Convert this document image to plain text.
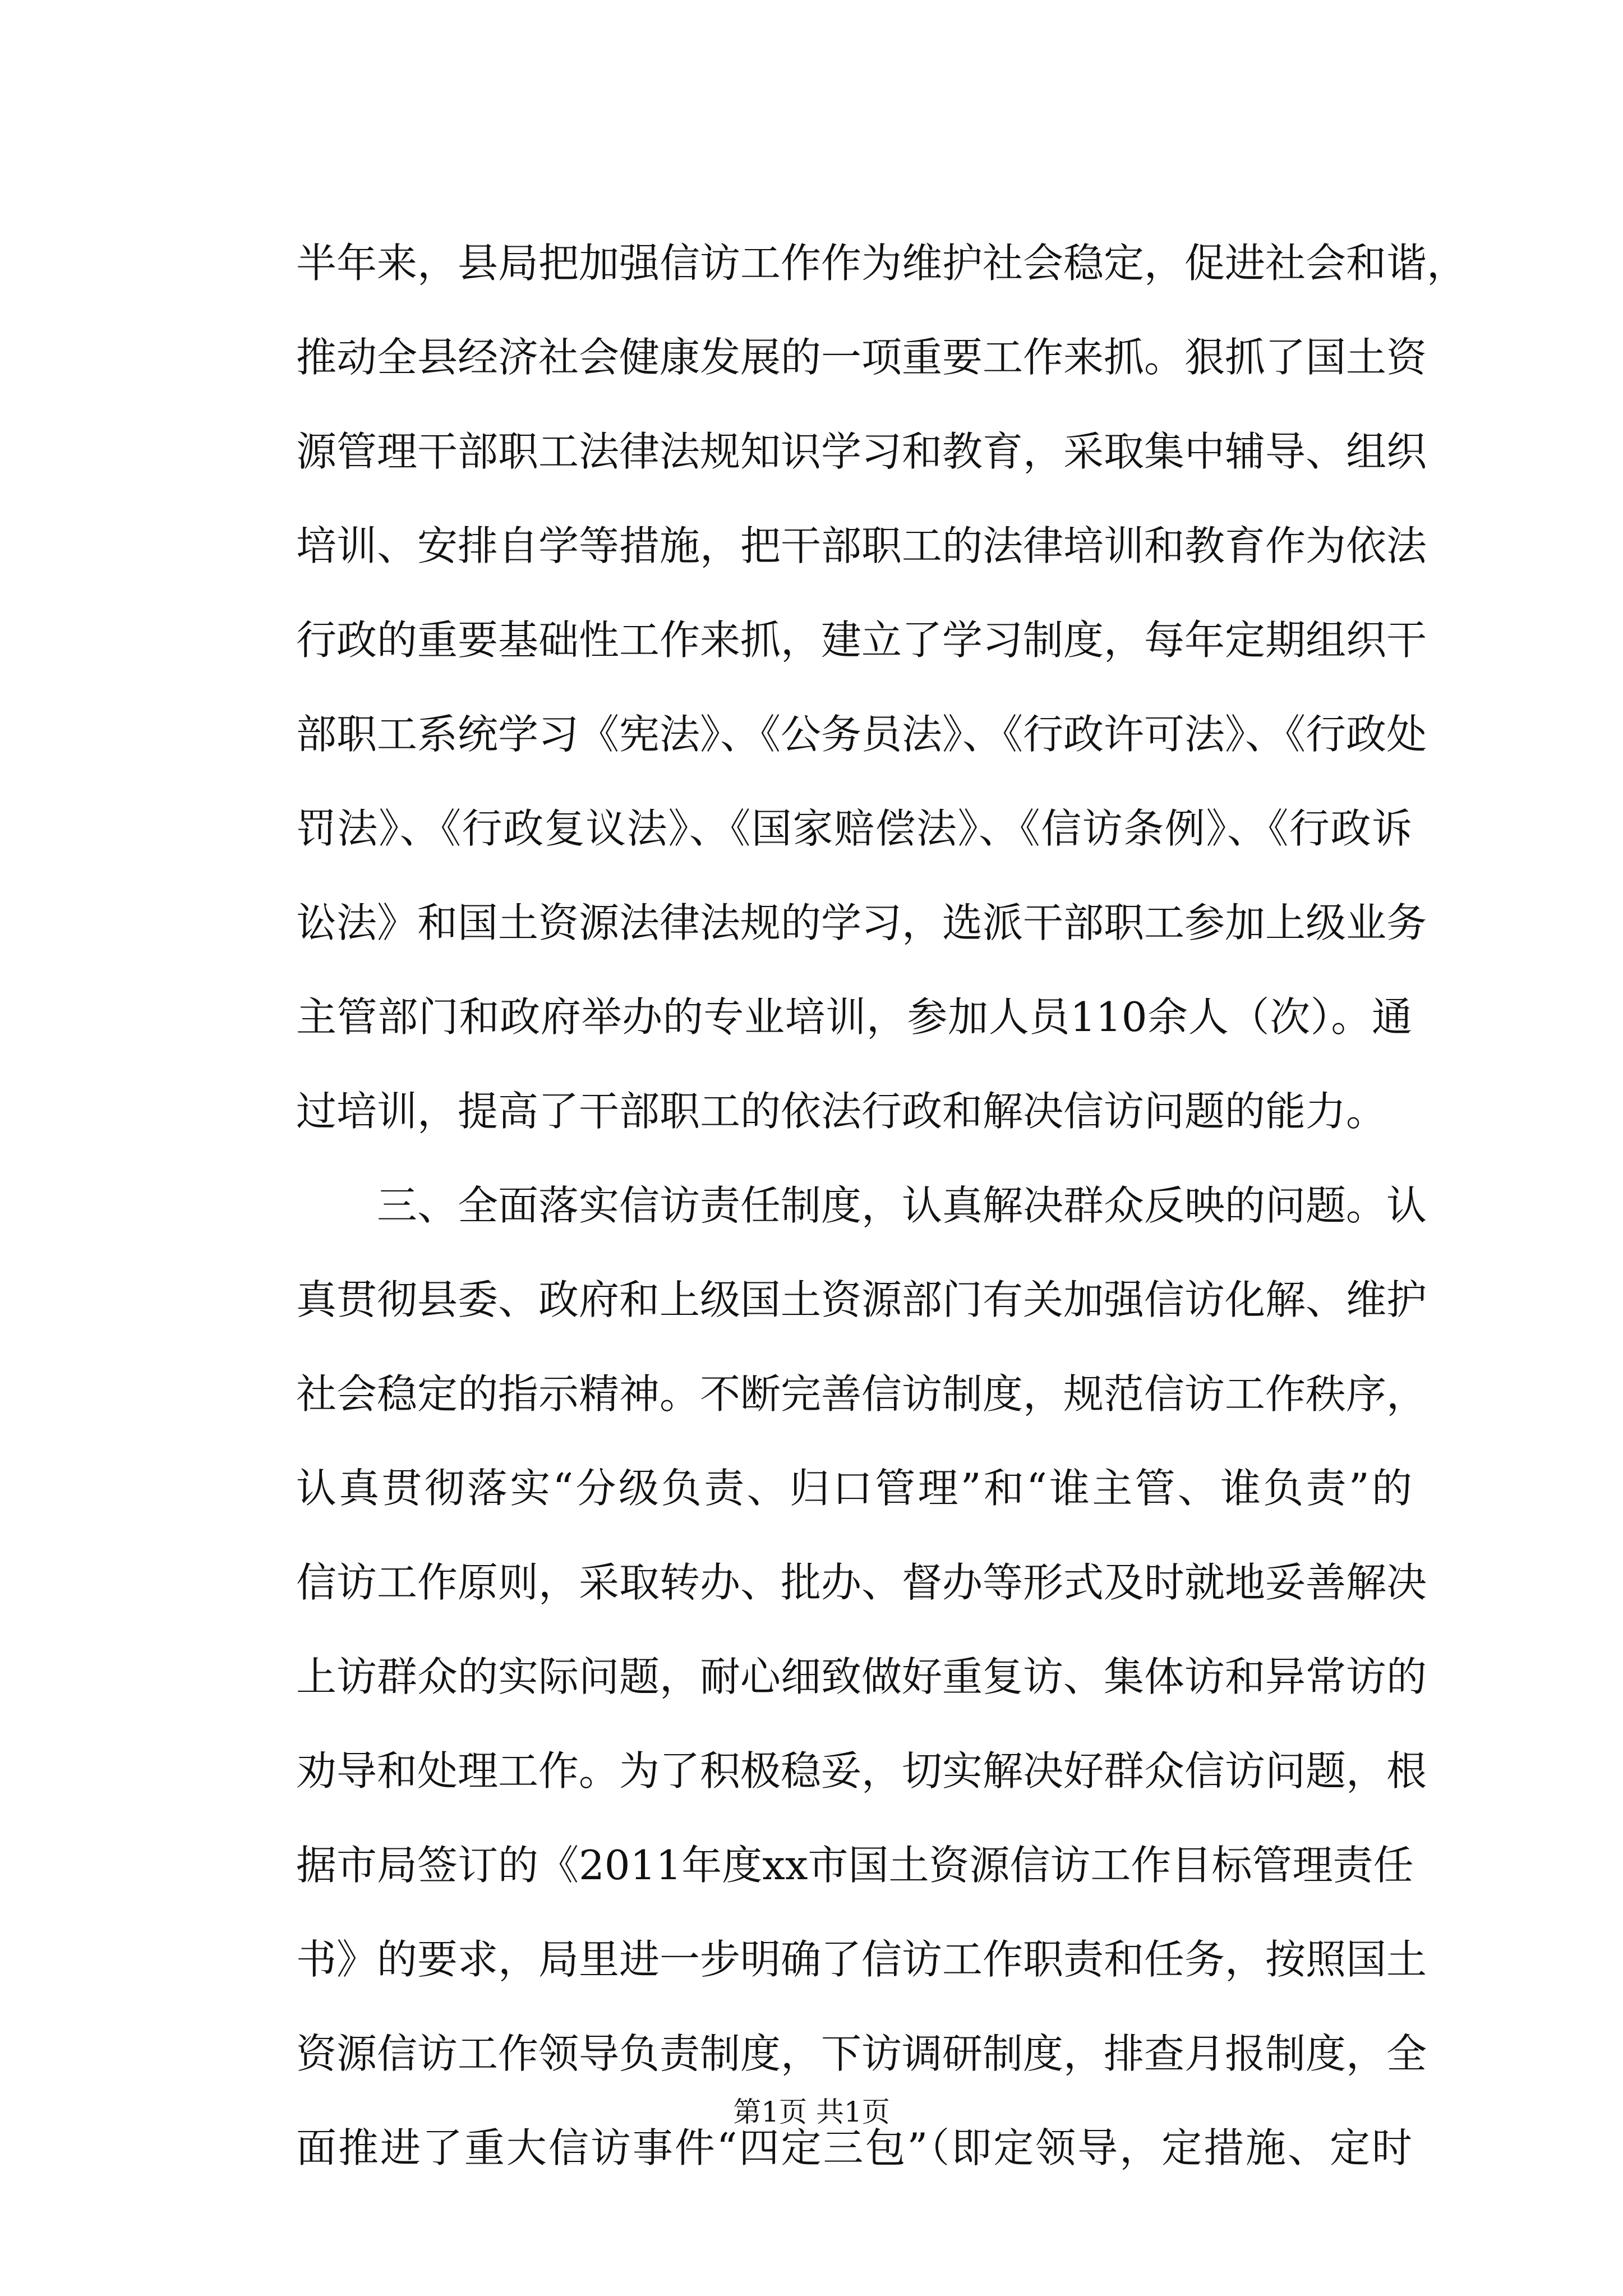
半年来，县局把加强信访工作作为维护社会稳定，促进社会和谐，
推动全县经济社会健康发展的一项重要工作来抓。狠抓了国土资
源管理干部职工法律法规知识学习和教育，采取集中辅导、组织
培训、安排自学等措施，把干部职工的法律培训和教育作为依法
行政的重要基础性工作来抓，建立了学习制度，每年定期组织干
部职工系统学习《宪法》、《公务员法》、《行政许可法》、《行政处
罚法》、《行政复议法》、《国家赔偿法》、《信访条例》、《行政诉
讼法》和国土资源法律法规的学习，选派干部职工参加上级业务
主管部门和政府举办的专业培训，参加人员110余人（次）。通
过培训，提高了干部职工的依法行政和解决信访问题的能力。
三、全面落实信访责任制度，认真解决群众反映的问题。认
真贯彻县委、政府和上级国土资源部门有关加强信访化解、维护
社会稳定的指示精神。不断完善信访制度，规范信访工作秩序，
认真贯彻落实“分级负责、归口管理”和“谁主管、谁负责”的
信访工作原则，采取转办、批办、督办等形式及时就地妥善解决
上访群众的实际问题，耐心细致做好重复访、集体访和异常访的
劝导和处理工作。为了积极稳妥，切实解决好群众信访问题，根
据市局签订的《2011年度xx市国土资源信访工作目标管理责任
书》的要求，局里进一步明确了信访工作职责和任务，按照国土
资源信访工作领导负责制度，下访调研制度，排查月报制度，全
面推进了重大信访事件“四定三包”（即定领导，定措施、定时
第1页 共1页
